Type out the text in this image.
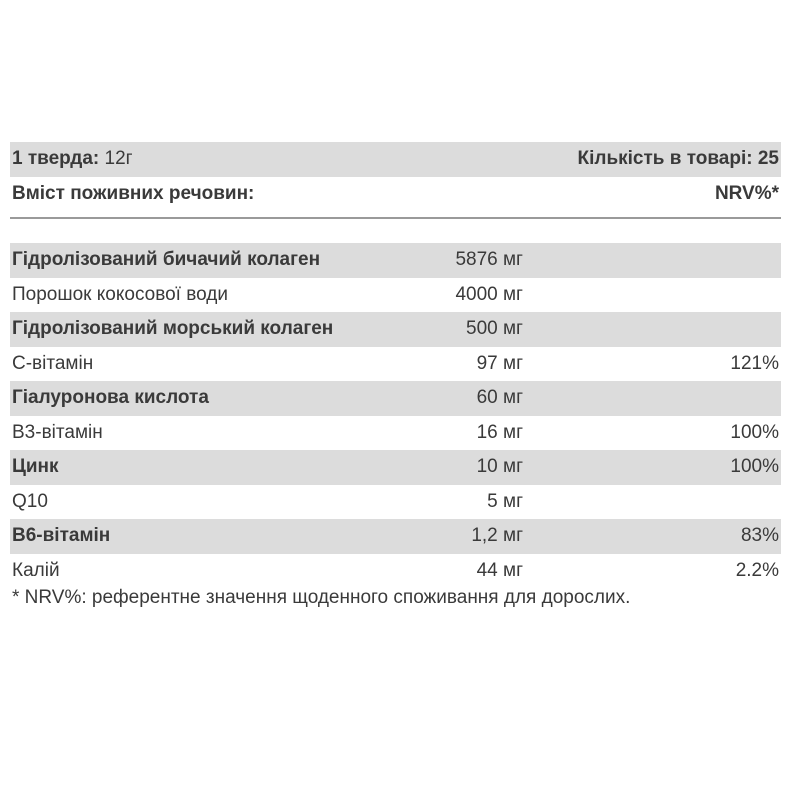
1 тверда: 12г	Кількість в товарі: 25
Вміст поживних речовин:	NRV%*
Гідролізований бичачий колаген	5876 мг
Порошок кокосової води	4000 мг
Гідролізований морський колаген	500 мг
C-вітамін	97 мг	121%
Гіалуронова кислота	60 мг
B3-вітамін	16 мг	100%
Цинк	10 мг	100%
Q10	5 мг
B6-вітамін	1,2 мг	83%
Калій	44 мг	2.2%
* NRV%: референтне значення щоденного споживання для дорослих.
